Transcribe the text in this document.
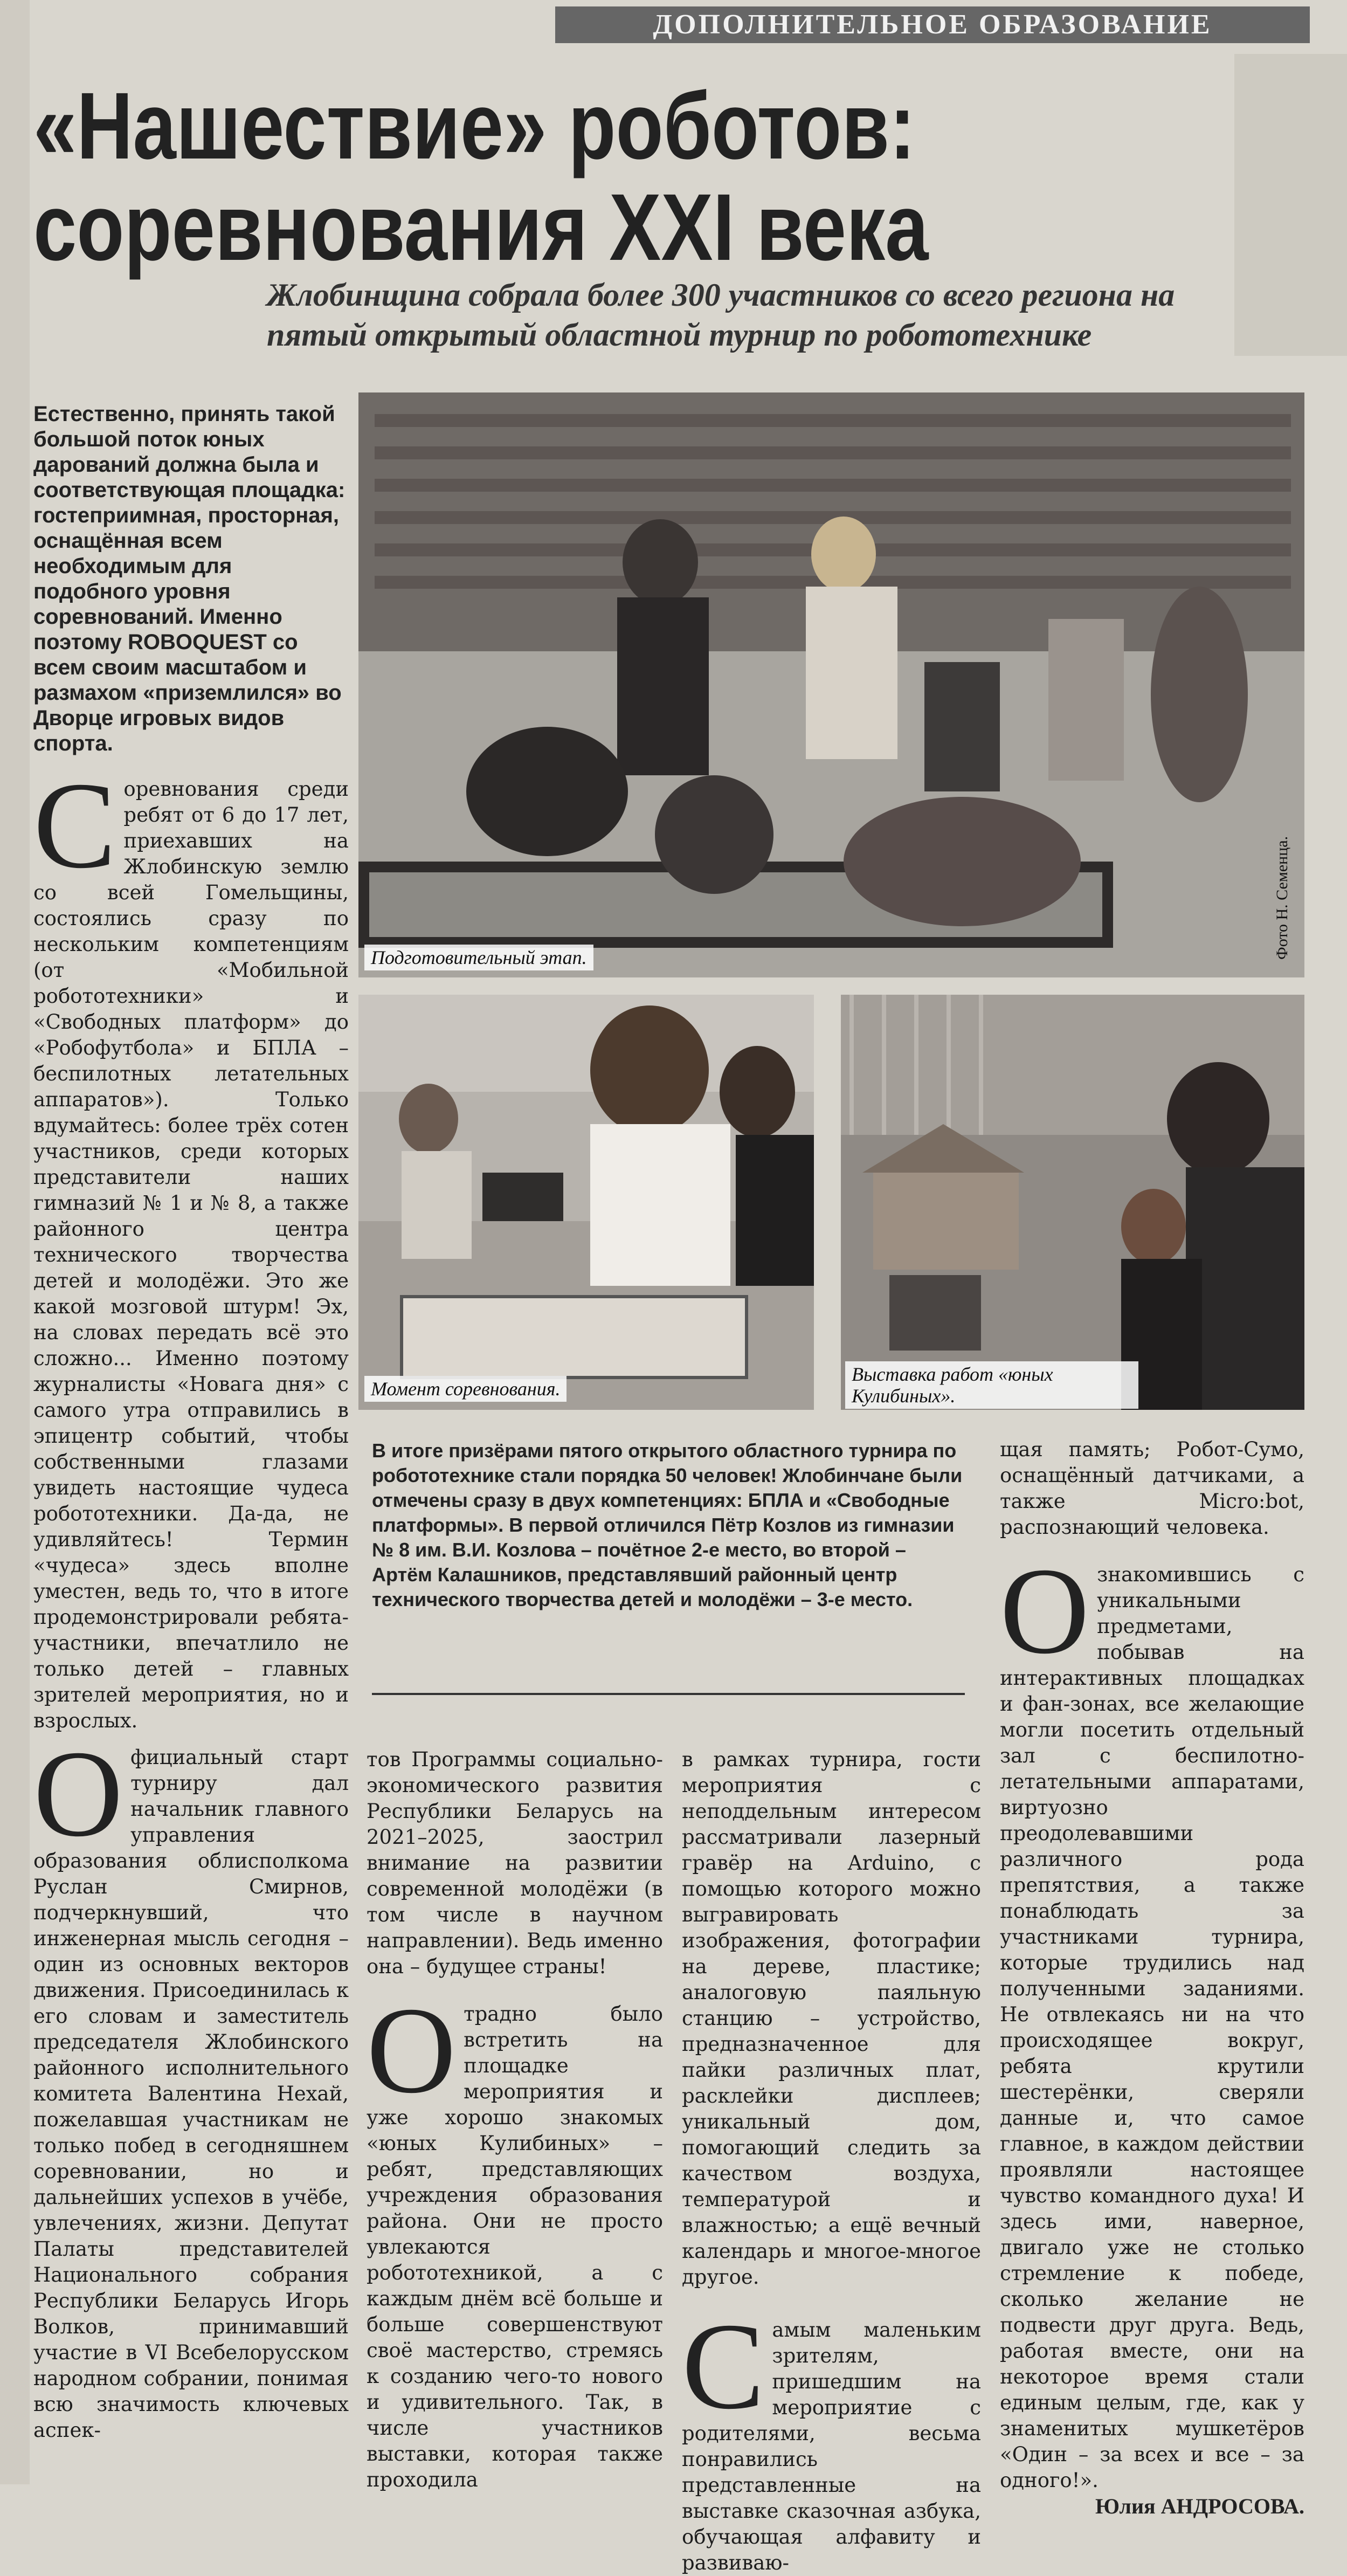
ДОПОЛНИТЕЛЬНОЕ ОБРАЗОВАНИЕ
«Нашествие» роботов:
соревнования XXI века
Жлобинщина собрала более 300 участников со всего региона на пятый открытый областной турнир по робототехнике
Естественно, принять такой большой поток юных дарований должна была и соответствующая площадка: гостеприимная, просторная, оснащённая всем необходимым для подобного уровня соревнований. Именно поэтому ROBOQUEST со всем своим масштабом и размахом «приземлился» во Дворце игровых видов спорта.
Подготовительный этап.	Фото Н. Семенца.
Момент соревнования.
Выставка работ «юных Кулибиных».

Соревнования среди ребят от 6 до 17 лет, приехавших на Жлобинскую землю со всей Гомельщины, состоялись сразу по нескольким компетенциям (от «Мобильной робототехники» и «Свободных платформ» до «Робофутбола» и БПЛА – беспилотных летательных аппаратов»). Только вдумайтесь: более трёх сотен участников, среди которых представители наших гимназий № 1 и № 8, а также районного центра технического творчества детей и молодёжи. Это же какой мозговой штурм! Эх, на словах передать всё это сложно... Именно поэтому журналисты «Новага дня» с самого утра отправились в эпицентр событий, чтобы собственными глазами увидеть настоящие чудеса робототехники. Да-да, не удивляйтесь! Термин «чудеса» здесь вполне уместен, ведь то, что в итоге продемонстрировали ребята-участники, впечатлило не только детей – главных зрителей мероприятия, но и взрослых.

Официальный старт турниру дал начальник главного управления образования облисполкома Руслан Смирнов, подчеркнувший, что инженерная мысль сегодня – один из основных векторов движения. Присоединилась к его словам и заместитель председателя Жлобинского районного исполнительного комитета Валентина Нехай, пожелавшая участникам не только побед в сегодняшнем соревновании, но и дальнейших успехов в учёбе, увлечениях, жизни. Депутат Палаты представителей Национального собрания Республики Беларусь Игорь Волков, принимавший участие в VI Всебелорусском народном собрании, понимая всю значимость ключевых аспек-

В итоге призёрами пятого открытого областного турнира по робототехнике стали порядка 50 человек! Жлобинчане были отмечены сразу в двух компетенциях: БПЛА и «Свободные платформы». В первой отличился Пётр Козлов из гимназии № 8 им. В.И. Козлова – почётное 2-е место, во второй – Артём Калашников, представлявший районный центр технического творчества детей и молодёжи – 3-е место.

тов Программы социально-экономического развития Республики Беларусь на 2021–2025, заострил внимание на развитии современной молодёжи (в том числе в научном направлении). Ведь именно она – будущее страны!

Отрадно было встретить на площадке мероприятия и уже хорошо знакомых «юных Кулибиных» – ребят, представляющих учреждения образования района. Они не просто увлекаются робототехникой, а с каждым днём всё больше и больше совершенствуют своё мастерство, стремясь к созданию чего-то нового и удивительного. Так, в числе участников выставки, которая также проходила

в рамках турнира, гости мероприятия с неподдельным интересом рассматривали лазерный гравёр на Arduino, с помощью которого можно выгравировать изображения, фотографии на дереве, пластике; аналоговую паяльную станцию – устройство, предназначенное для пайки различных плат, расклейки дисплеев; уникальный дом, помогающий следить за качеством воздуха, температурой и влажностью; а ещё вечный календарь и многое-многое другое.

Самым маленьким зрителям, пришедшим на мероприятие с родителями, весьма понравились представленные на выставке сказочная азбука, обучающая алфавиту и развиваю-

щая память; Робот-Сумо, оснащённый датчиками, а также Micro:bot, распознающий человека.

Ознакомившись с уникальными предметами, побывав на интерактивных площадках и фан-зонах, все желающие могли посетить отдельный зал с беспилотно-летательными аппаратами, виртуозно преодолевавшими различного рода препятствия, а также понаблюдать за участниками турнира, которые трудились над полученными заданиями. Не отвлекаясь ни на что происходящее вокруг, ребята крутили шестерёнки, сверяли данные и, что самое главное, в каждом действии проявляли настоящее чувство командного духа! И здесь ими, наверное, двигало уже не столько стремление к победе, сколько желание не подвести друг друга. Ведь, работая вместе, они на некоторое время стали единым целым, где, как у знаменитых мушкетёров «Один – за всех и все – за одного!».

Юлия АНДРОСОВА.
